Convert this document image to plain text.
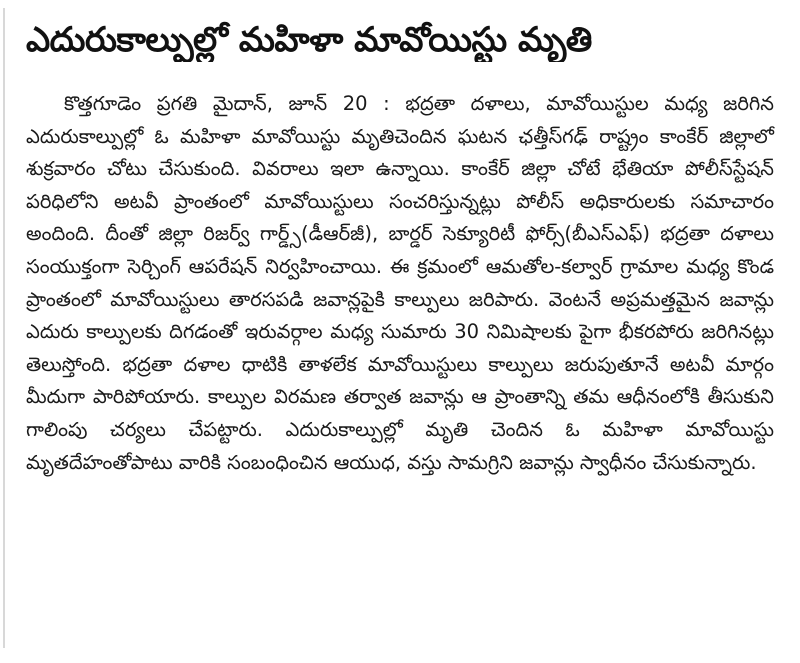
ఎదురుకాల్పుల్లో మహిళా మావోయిస్టు మృతి

కొత్తగూడెం ప్రగతి మైదాన్, జూన్ 20 : భద్రతా దళాలు, మావోయిస్టుల మధ్య జరిగిన ఎదురుకాల్పుల్లో ఓ మహిళా మావోయిస్టు మృతిచెందిన ఘటన ఛత్తీస్‌గఢ్ రాష్ట్రం కాంకేర్ జిల్లాలో శుక్రవారం చోటు చేసుకుంది. వివరాలు ఇలా ఉన్నాయి. కాంకేర్ జిల్లా చోటే భేతియా పోలీస్‌స్టేషన్ పరిధిలోని అటవీ ప్రాంతంలో మావోయిస్టులు సంచరిస్తున్నట్లు పోలీస్ అధికారులకు సమాచారం అందింది. దీంతో జిల్లా రిజర్వ్ గార్డ్స్(డీఆర్‌జీ), బార్డర్ సెక్యూరిటీ ఫోర్స్(బీఎస్‌ఎఫ్) భద్రతా దళాలు సంయుక్తంగా సెర్చింగ్ ఆపరేషన్ నిర్వహించాయి. ఈ క్రమంలో ఆమతోల-కల్వార్ గ్రామాల మధ్య కొండ ప్రాంతంలో మావోయిస్టులు తారసపడి జవాన్లపైకి కాల్పులు జరిపారు. వెంటనే అప్రమత్తమైన జవాన్లు ఎదురు కాల్పులకు దిగడంతో ఇరువర్గాల మధ్య సుమారు 30 నిమిషాలకు పైగా భీకరపోరు జరిగినట్లు తెలుస్తోంది. భద్రతా దళాల ధాటికి తాళలేక మావోయిస్టులు కాల్పులు జరుపుతూనే అటవీ మార్గం మీదుగా పారిపోయారు. కాల్పుల విరమణ తర్వాత జవాన్లు ఆ ప్రాంతాన్ని తమ ఆధీనంలోకి తీసుకుని గాలింపు చర్యలు చేపట్టారు. ఎదురుకాల్పుల్లో మృతి చెందిన ఓ మహిళా మావోయిస్టు మృతదేహంతోపాటు వారికి సంబంధించిన ఆయుధ, వస్తు సామగ్రిని జవాన్లు స్వాధీనం చేసుకున్నారు.
